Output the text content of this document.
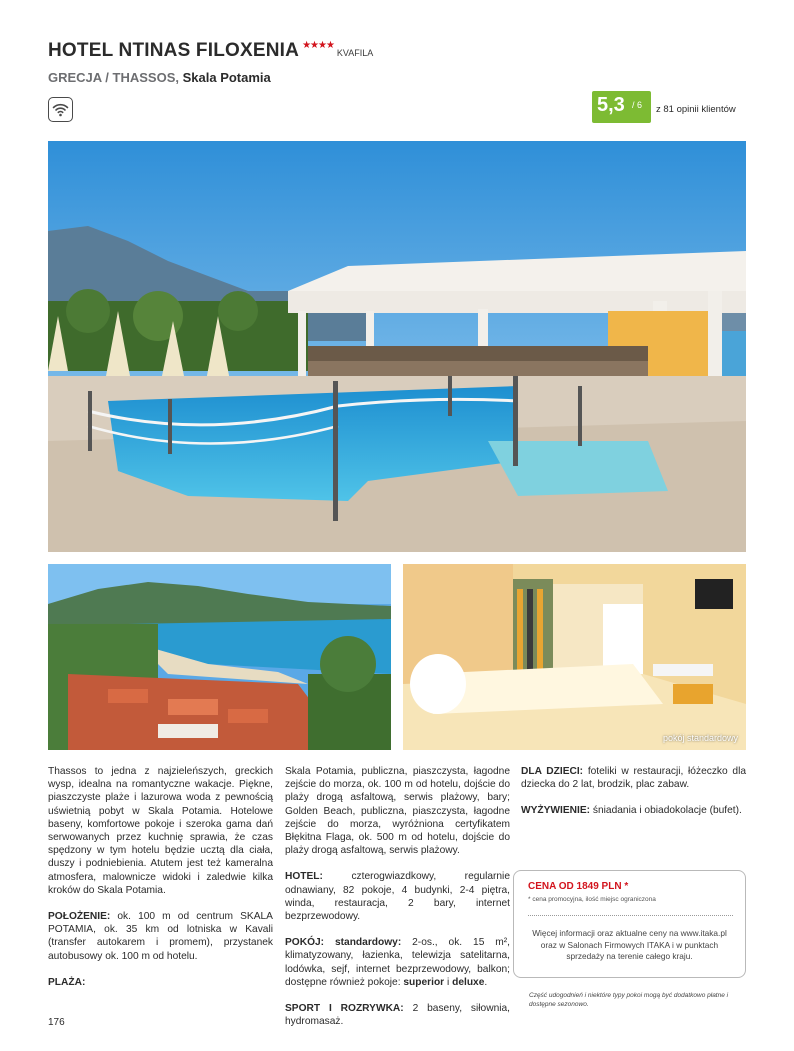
HOTEL NTINAS FILOXENIA ★★★★KVAFILA
GRECJA / THASSOS, Skala Potamia
5,3 / 6 z 81 opinii klientów
pokój standardowy

Thassos to jedna z najzieleńszych, greckich wysp, idealna na romantyczne wakacje. Piękne, piaszczyste plaże i lazurowa woda z pewnością uświetnią pobyt w Skala Potamia. Hotelowe baseny, komfortowe pokoje i szeroka gama dań serwowanych przez kuchnię sprawia, że czas spędzony w tym hotelu będzie ucztą dla ciała, duszy i podniebienia. Atutem jest też kameralna atmosfera, malownicze widoki i zaledwie kilka kroków do Skala Potamia.

POŁOŻENIE: ok. 100 m od centrum SKALA POTAMIA, ok. 35 km od lotniska w Kavali (transfer autokarem i promem), przystanek autobusowy ok. 100 m od hotelu.

PLAŻA:

Skala Potamia, publiczna, piaszczysta, łagodne zejście do morza, ok. 100 m od hotelu, dojście do plaży drogą asfaltową, serwis plażowy, bary; Golden Beach, publiczna, piaszczysta, łagodne zejście do morza, wyróżniona certyfikatem Błękitna Flaga, ok. 500 m od hotelu, dojście do plaży drogą asfaltową, serwis plażowy.

DLA DZIECI: foteliki w restauracji, łóżeczko dla dziecka do 2 lat, brodzik, plac zabaw.

WYŻYWIENIE: śniadania i obiadokolacje (bufet).

HOTEL:	czterogwiazdkowy, regularnie odnawiany, 82 pokoje, 4 budynki, 2-4 piętra, winda, restauracja, 2 bary, internet bezprzewodowy.

POKÓJ: standardowy: 2-os., ok. 15 m², klimatyzowany, łazienka, telewizja satelitarna, lodówka, sejf, internet bezprzewodowy, balkon; dostępne również pokoje: superior i deluxe.

SPORT I ROZRYWKA: 2 baseny, siłownia, hydromasaż.

CENA OD 1849 PLN *
* cena promocyjna, ilość miejsc ograniczona
Więcej informacji oraz aktualne ceny na www.itaka.pl oraz w Salonach Firmowych ITAKA i w punktach sprzedaży na terenie całego kraju.
Część udogodnień i niektóre typy pokoi mogą być dodatkowo płatne i dostępne sezonowo.
176
